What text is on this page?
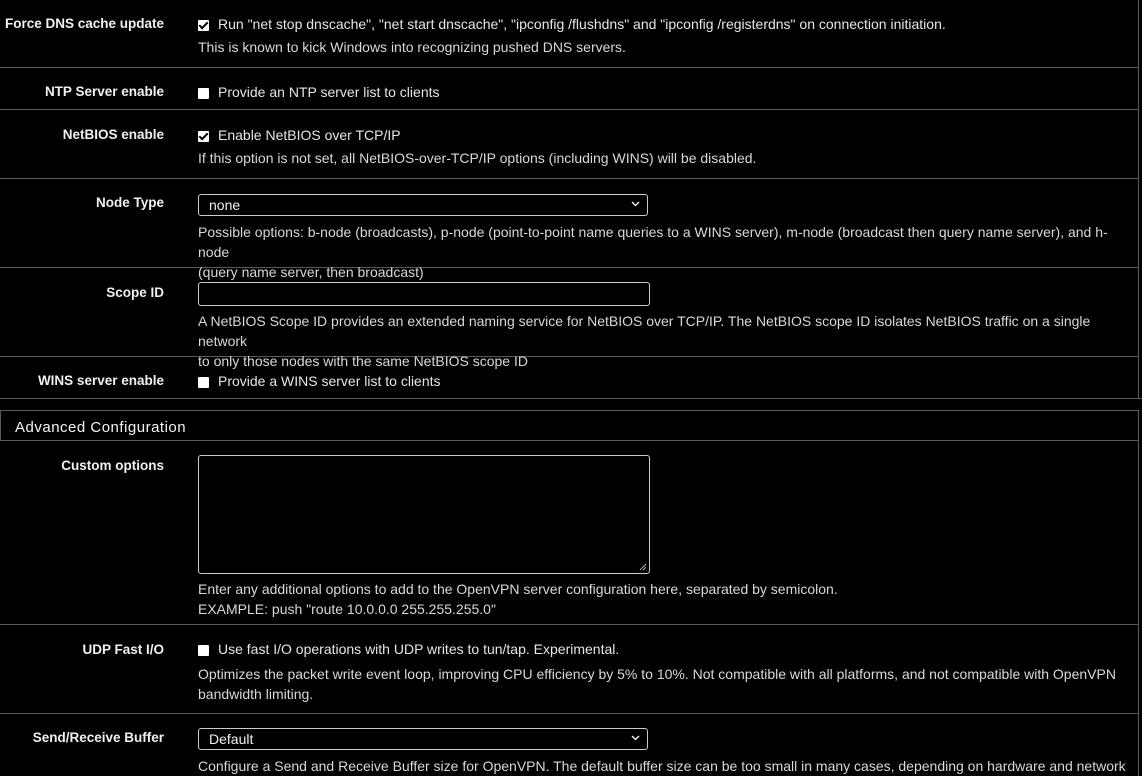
Force DNS cache update	Run "net stop dnscache", "net start dnscache", "ipconfig /flushdns" and "ipconfig /registerdns" on connection initiation.
This is known to kick Windows into recognizing pushed DNS servers.
NTP Server enable	Provide an NTP server list to clients
NetBIOS enable	Enable NetBIOS over TCP/IP
If this option is not set, all NetBIOS-over-TCP/IP options (including WINS) will be disabled.
Node Type	none
Possible options: b-node (broadcasts), p-node (point-to-point name queries to a WINS server), m-node (broadcast then query name server), and h-node
(query name server, then broadcast)
Scope ID
A NetBIOS Scope ID provides an extended naming service for NetBIOS over TCP/IP. The NetBIOS scope ID isolates NetBIOS traffic on a single network
to only those nodes with the same NetBIOS scope ID
WINS server enable	Provide a WINS server list to clients
Advanced Configuration
Custom options
Enter any additional options to add to the OpenVPN server configuration here, separated by semicolon.
EXAMPLE: push "route 10.0.0.0 255.255.255.0"
UDP Fast I/O	Use fast I/O operations with UDP writes to tun/tap. Experimental.
Optimizes the packet write event loop, improving CPU efficiency by 5% to 10%. Not compatible with all platforms, and not compatible with OpenVPN
bandwidth limiting.
Send/Receive Buffer	Default
Configure a Send and Receive Buffer size for OpenVPN. The default buffer size can be too small in many cases, depending on hardware and network
